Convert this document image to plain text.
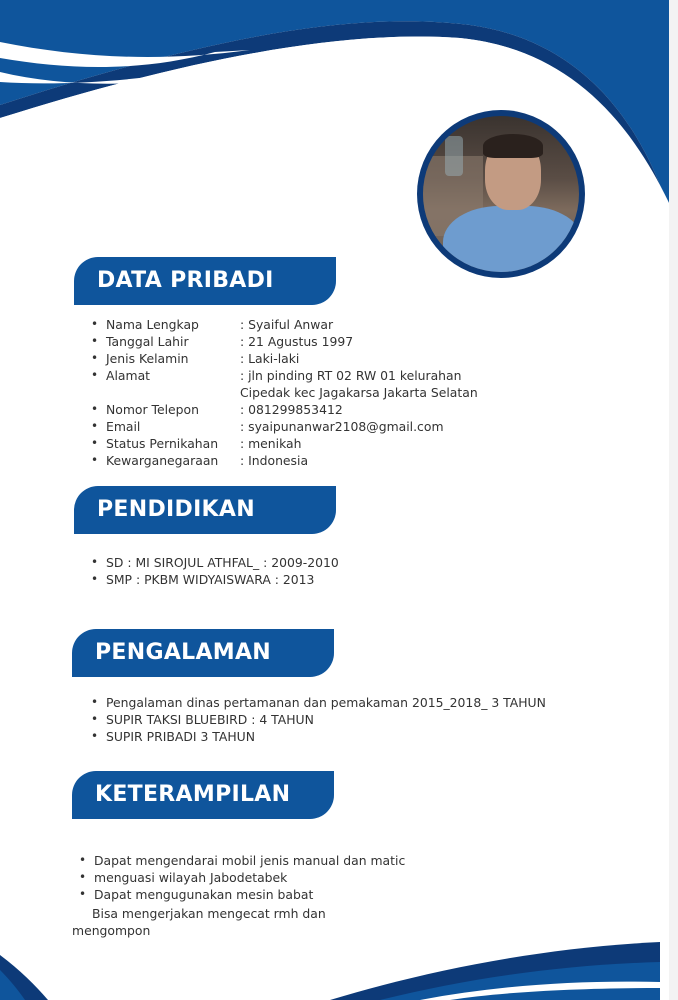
DATA PRIBADI
• Nama Lengkap	: Syaiful Anwar
• Tanggal Lahir	: 21 Agustus 1997
• Jenis Kelamin	: Laki-laki
• Alamat	: jln pinding RT 02 RW 01 kelurahan
Cipedak kec Jagakarsa Jakarta Selatan
• Nomor Telepon	: 081299853412
• Email	: syaipunanwar2108@gmail.com
• Status Pernikahan	: menikah
• Kewarganegaraan	: Indonesia
PENDIDIKAN
• SD : MI SIROJUL ATHFAL_ : 2009-2010
• SMP : PKBM WIDYAISWARA : 2013
PENGALAMAN
• Pengalaman dinas pertamanan dan pemakaman 2015_2018_ 3 TAHUN
• SUPIR TAKSI BLUEBIRD : 4 TAHUN
• SUPIR PRIBADI 3 TAHUN
KETERAMPILAN
• Dapat mengendarai mobil jenis manual dan matic
• menguasi wilayah Jabodetabek
• Dapat mengugunakan mesin babat
Bisa mengerjakan mengecat rmh dan
mengompon
